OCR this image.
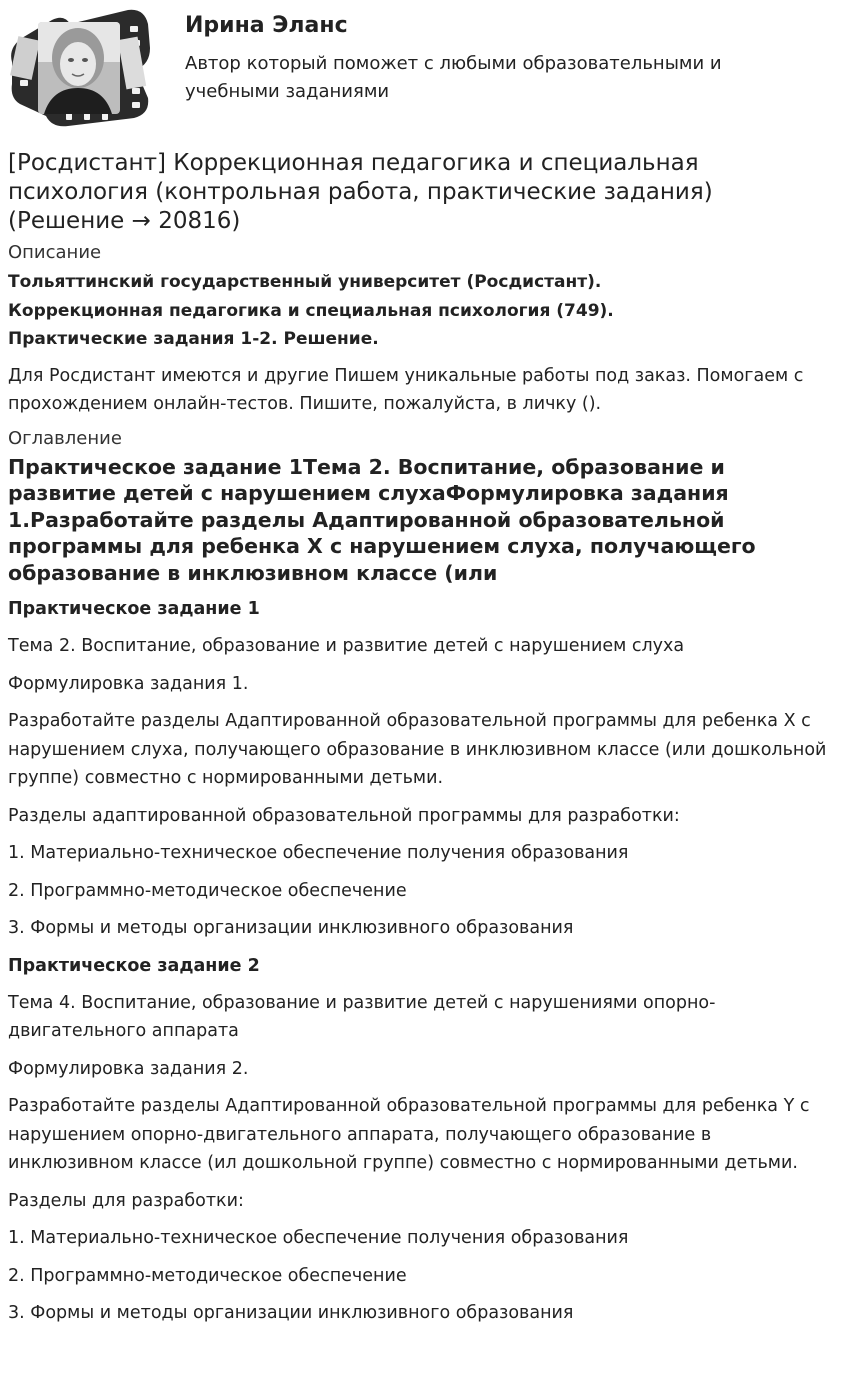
Ирина Эланс
Автор который поможет с любыми образовательными и учебными заданиями
[Росдистант] Коррекционная педагогика и специальная психология (контрольная работа, практические задания) (Решение → 20816)
Описание
Тольяттинский государственный университет (Росдистант).
Коррекционная педагогика и специальная психология (749).
Практические задания 1-2. Решение.
Для Росдистант имеются и другие Пишем уникальные работы под заказ. Помогаем с прохождением онлайн-тестов. Пишите, пожалуйста, в личку ().
Оглавление
Практическое задание 1Тема 2. Воспитание, образование и развитие детей с нарушением слухаФормулировка задания 1.Разработайте разделы Адаптированной образовательной программы для ребенка Х с нарушением слуха, получающего образование в инклюзивном классе (или
Практическое задание 1
Тема 2. Воспитание, образование и развитие детей с нарушением слуха
Формулировка задания 1.
Разработайте разделы Адаптированной образовательной программы для ребенка Х с нарушением слуха, получающего образование в инклюзивном классе (или дошкольной группе) совместно с нормированными детьми.
Разделы адаптированной образовательной программы для разработки:
1. Материально-техническое обеспечение получения образования
2. Программно-методическое обеспечение
3. Формы и методы организации инклюзивного образования
Практическое задание 2
Тема 4. Воспитание, образование и развитие детей с нарушениями опорно-двигательного аппарата
Формулировка задания 2.
Разработайте разделы Адаптированной образовательной программы для ребенка Y с нарушением опорно-двигательного аппарата, получающего образование в инклюзивном классе (ил дошкольной группе) совместно с нормированными детьми.
Разделы для разработки:
1. Материально-техническое обеспечение получения образования
2. Программно-методическое обеспечение
3. Формы и методы организации инклюзивного образования
